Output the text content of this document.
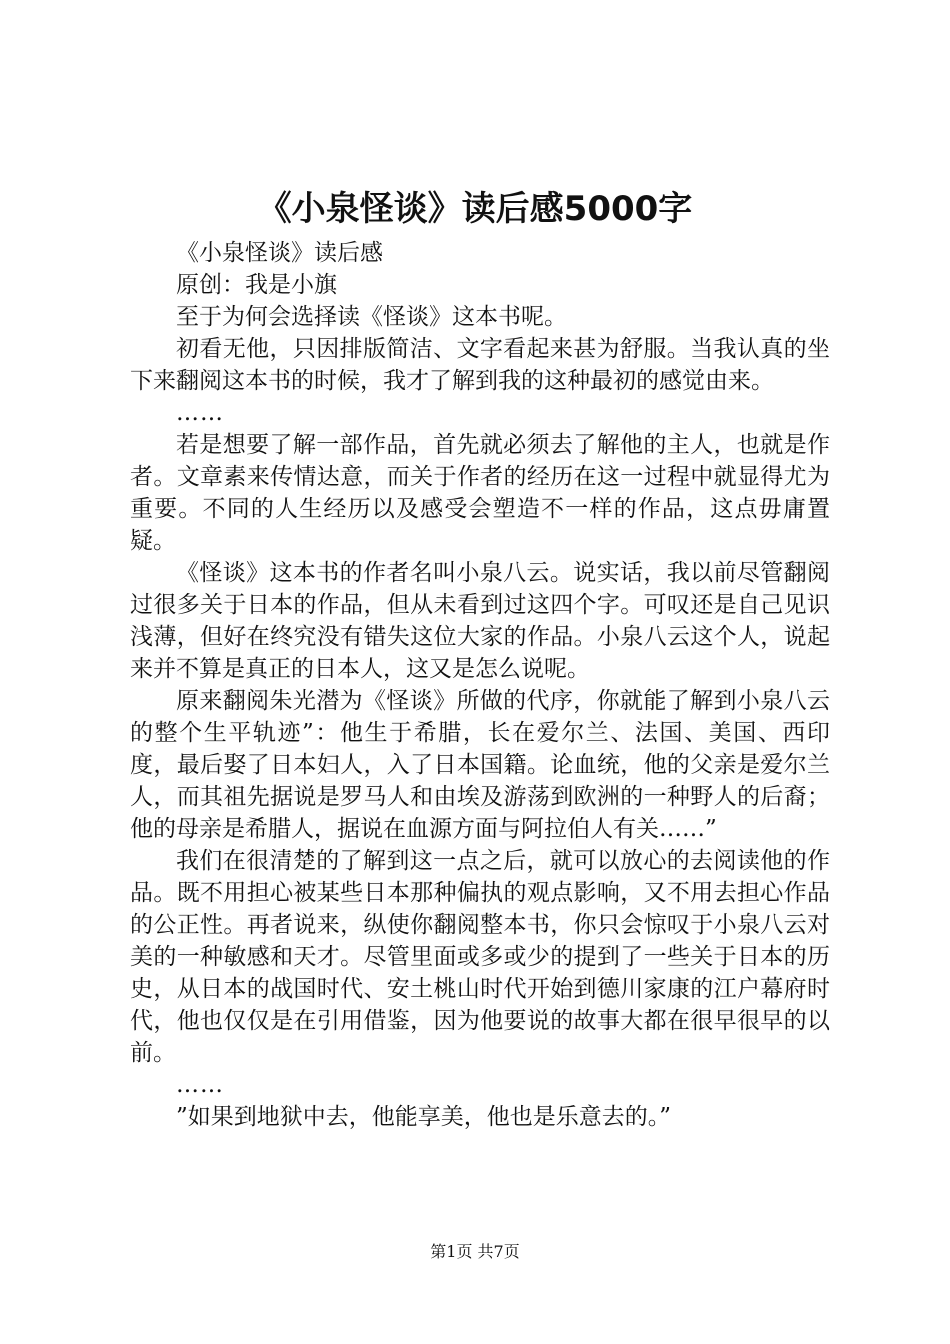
《小泉怪谈》读后感5000字

《小泉怪谈》读后感

原创：我是小旗

至于为何会选择读《怪谈》这本书呢。

初看无他，只因排版简洁、文字看起来甚为舒服。当我认真的坐下来翻阅这本书的时候，我才了解到我的这种最初的感觉由来。

……

若是想要了解一部作品，首先就必须去了解他的主人，也就是作者。文章素来传情达意，而关于作者的经历在这一过程中就显得尤为重要。不同的人生经历以及感受会塑造不一样的作品，这点毋庸置疑。

《怪谈》这本书的作者名叫小泉八云。说实话，我以前尽管翻阅过很多关于日本的作品，但从未看到过这四个字。可叹还是自己见识浅薄，但好在终究没有错失这位大家的作品。小泉八云这个人，说起来并不算是真正的日本人，这又是怎么说呢。

原来翻阅朱光潜为《怪谈》所做的代序，你就能了解到小泉八云的整个生平轨迹”：他生于希腊，长在爱尔兰、法国、美国、西印度，最后娶了日本妇人，入了日本国籍。论血统，他的父亲是爱尔兰人，而其祖先据说是罗马人和由埃及游荡到欧洲的一种野人的后裔；他的母亲是希腊人，据说在血源方面与阿拉伯人有关……”

我们在很清楚的了解到这一点之后，就可以放心的去阅读他的作品。既不用担心被某些日本那种偏执的观点影响，又不用去担心作品的公正性。再者说来，纵使你翻阅整本书，你只会惊叹于小泉八云对美的一种敏感和天才。尽管里面或多或少的提到了一些关于日本的历史，从日本的战国时代、安土桃山时代开始到德川家康的江户幕府时代，他也仅仅是在引用借鉴，因为他要说的故事大都在很早很早的以前。

……

”如果到地狱中去，他能享美，他也是乐意去的。”

第1页 共7页
